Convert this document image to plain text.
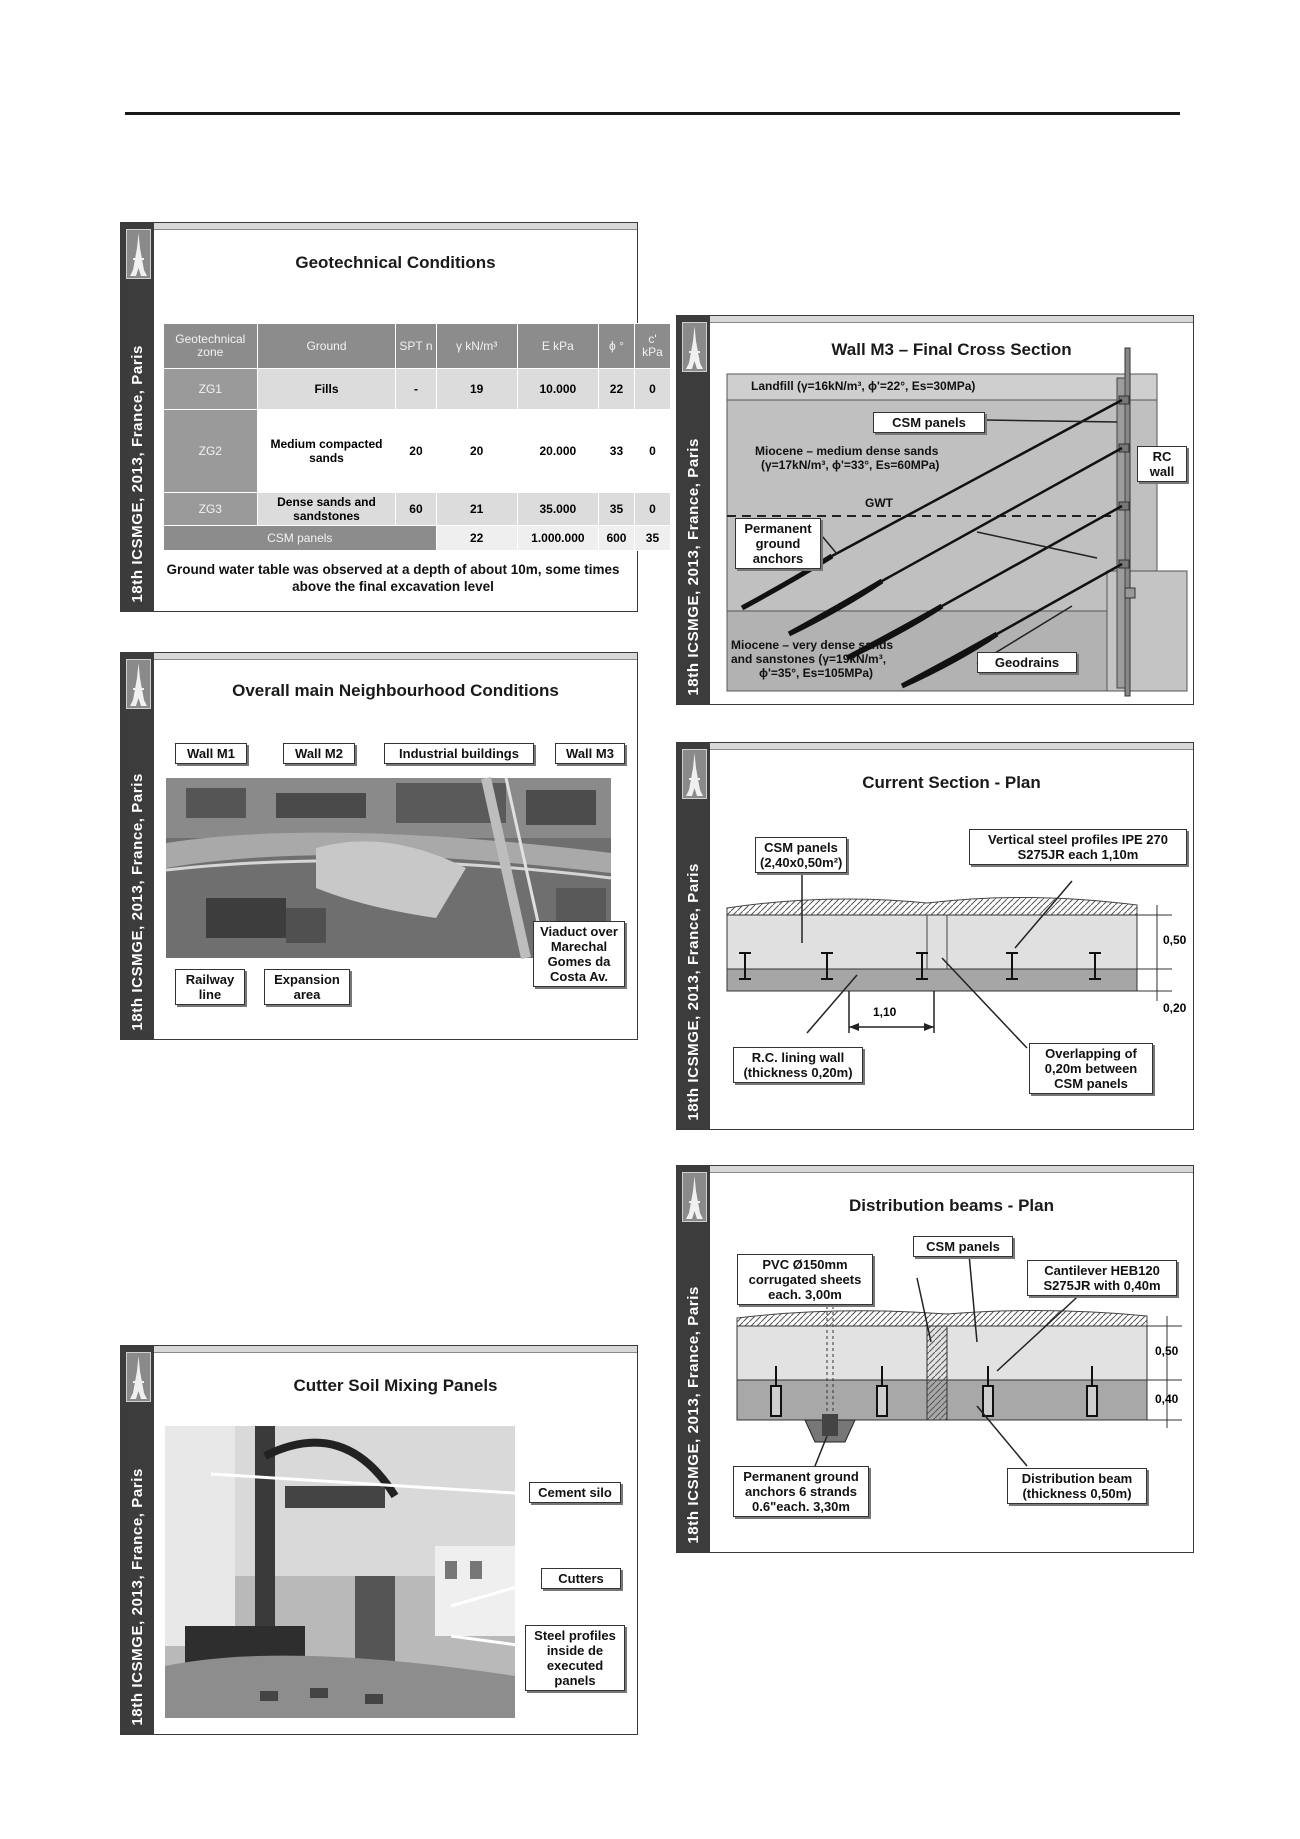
18th ICSMGE, 2013, France, Paris
Geotechnical Conditions
Geotechnical zone	Ground	SPT n	γ kN/m³	E kPa	ϕ °	c' kPa
ZG1	Fills	-	19	10.000	22	0
ZG2	Medium compacted sands	20	20	20.000	33	0
ZG3	Dense sands and sandstones	60	21	35.000	35	0
CSM panels			22	1.000.000	600	35
Ground water table was observed at a depth of about 10m, some times above the final excavation level
18th ICSMGE, 2013, France, Paris
Overall main Neighbourhood Conditions
Wall M1	Wall M2	Industrial buildings	Wall M3
Railway line
Expansion area
Viaduct over Marechal Gomes da Costa Av.
18th ICSMGE, 2013, France, Paris
Cutter Soil Mixing Panels
Cement silo
Cutters
Steel profiles inside de executed panels
18th ICSMGE, 2013, France, Paris
Wall M3 – Final Cross Section
Landfill (γ=16kN/m³, ϕ'=22°, Es=30MPa)
CSM panels
Miocene – medium dense sands
(γ=17kN/m³, ϕ'=33°, Es=60MPa)
RC wall
GWT
Permanent ground anchors
Miocene – very dense sands
and sanstones (γ=19kN/m³,
ϕ'=35°, Es=105MPa)
Geodrains
18th ICSMGE, 2013, France, Paris
Current Section - Plan
CSM panels (2,40x0,50m²)
Vertical steel profiles IPE 270 S275JR each 1,10m
0,50
0,20
1,10
R.C. lining wall (thickness 0,20m)
Overlapping of 0,20m between CSM panels
18th ICSMGE, 2013, France, Paris
Distribution beams - Plan
PVC Ø150mm corrugated sheets each. 3,00m
CSM panels
Cantilever HEB120 S275JR with 0,40m
0,50
0,40
Permanent ground anchors 6 strands 0.6"each. 3,30m
Distribution beam (thickness 0,50m)
